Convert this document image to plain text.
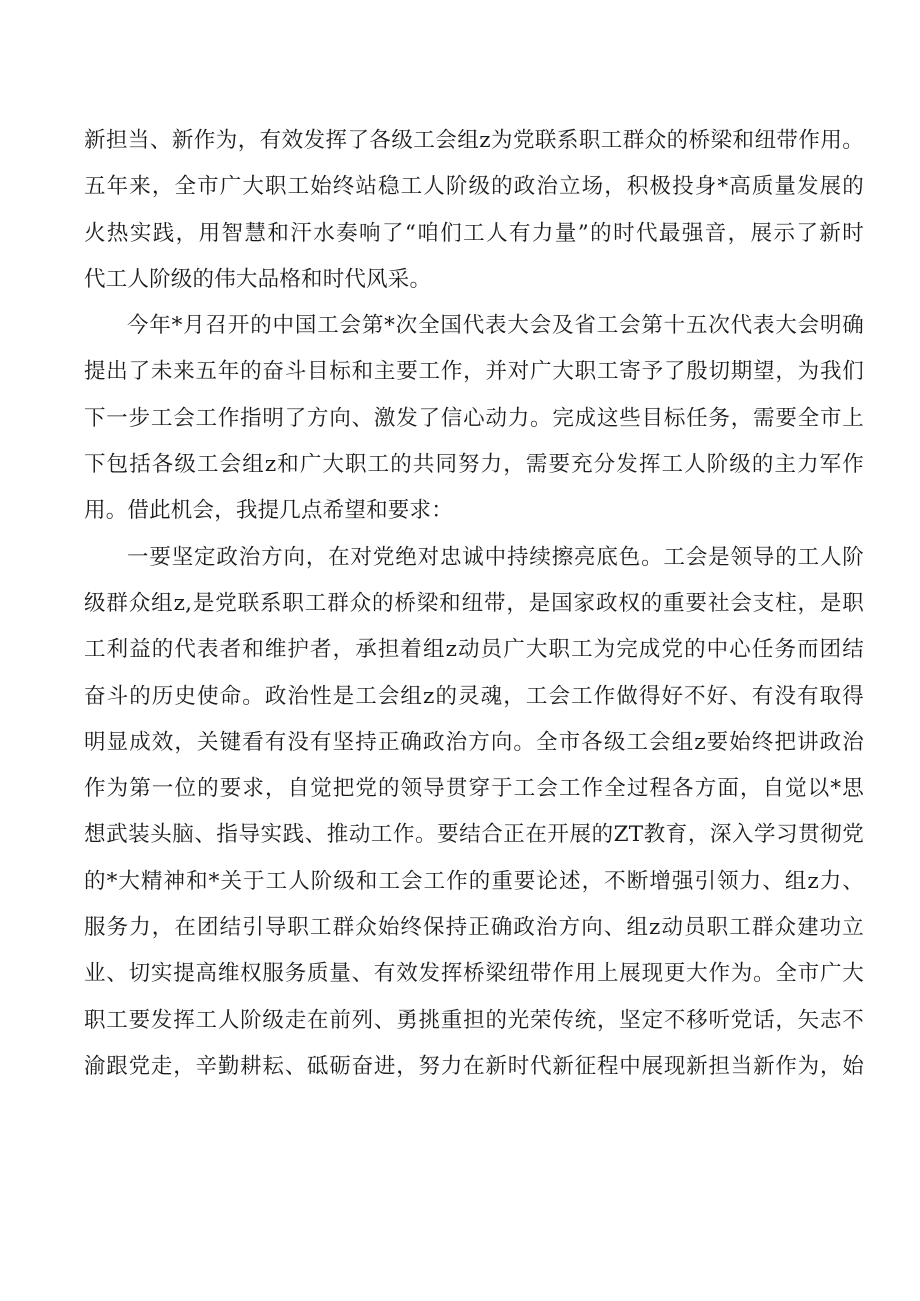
新担当、新作为，有效发挥了各级工会组z为党联系职工群众的桥梁和纽带作用。
五年来，全市广大职工始终站稳工人阶级的政治立场，积极投身*高质量发展的
火热实践，用智慧和汗水奏响了“咱们工人有力量”的时代最强音，展示了新时
代工人阶级的伟大品格和时代风采。
今年*月召开的中国工会第*次全国代表大会及省工会第十五次代表大会明确
提出了未来五年的奋斗目标和主要工作，并对广大职工寄予了殷切期望，为我们
下一步工会工作指明了方向、激发了信心动力。完成这些目标任务，需要全市上
下包括各级工会组z和广大职工的共同努力，需要充分发挥工人阶级的主力军作
用。借此机会，我提几点希望和要求：
一要坚定政治方向，在对党绝对忠诚中持续擦亮底色。工会是领导的工人阶
级群众组z,是党联系职工群众的桥梁和纽带，是国家政权的重要社会支柱，是职
工利益的代表者和维护者，承担着组z动员广大职工为完成党的中心任务而团结
奋斗的历史使命。政治性是工会组z的灵魂，工会工作做得好不好、有没有取得
明显成效，关键看有没有坚持正确政治方向。全市各级工会组z要始终把讲政治
作为第一位的要求，自觉把党的领导贯穿于工会工作全过程各方面，自觉以*思
想武装头脑、指导实践、推动工作。要结合正在开展的ZT教育，深入学习贯彻党
的*大精神和*关于工人阶级和工会工作的重要论述，不断增强引领力、组z力、
服务力，在团结引导职工群众始终保持正确政治方向、组z动员职工群众建功立
业、切实提高维权服务质量、有效发挥桥梁纽带作用上展现更大作为。全市广大
职工要发挥工人阶级走在前列、勇挑重担的光荣传统，坚定不移听党话，矢志不
渝跟党走，辛勤耕耘、砥砺奋进，努力在新时代新征程中展现新担当新作为，始
